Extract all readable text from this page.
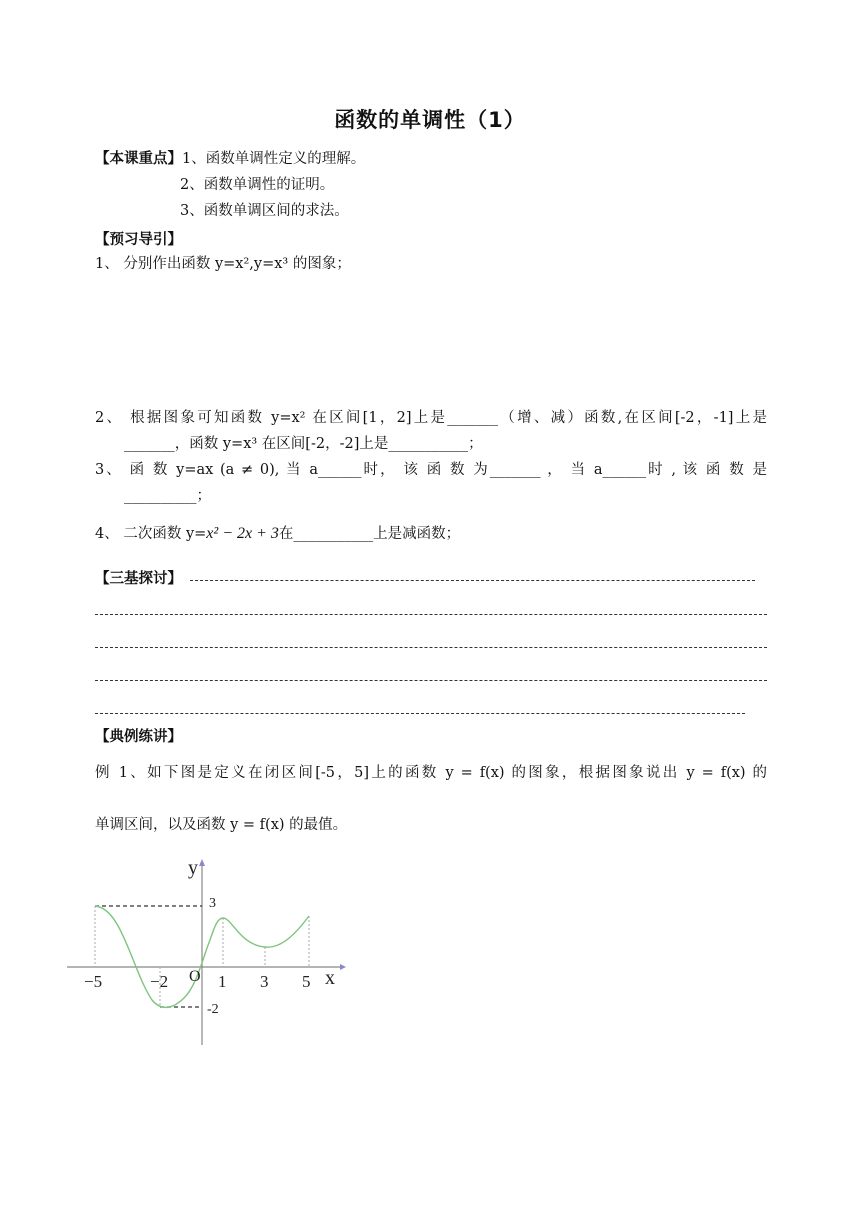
函数的单调性（1）
【本课重点】1、函数单调性定义的理解。
2、函数单调性的证明。
3、函数单调区间的求法。
【预习导引】
1、 分别作出函数 y=x²,y=x³ 的图象；
2、 根据图象可知函数 y=x² 在区间[1，2]上是_______（增、减）函数,在区间[-2，-1]上是
_______，函数 y=x³ 在区间[-2，-2]上是___________；
3、 函 数 y=ax (a ≠ 0), 当 a______时， 该 函 数 为_______ ， 当 a______时 , 该 函 数 是
__________；
4、 二次函数 y=x² − 2x + 3在___________上是减函数；
【三基探讨】
【典例练讲】
例 1、如下图是定义在闭区间[-5，5]上的函数 y = f(x) 的图象，根据图象说出 y = f(x) 的
单调区间，以及函数 y = f(x) 的最值。
y
x
O
3
-2
−5	−2	1 3 5
